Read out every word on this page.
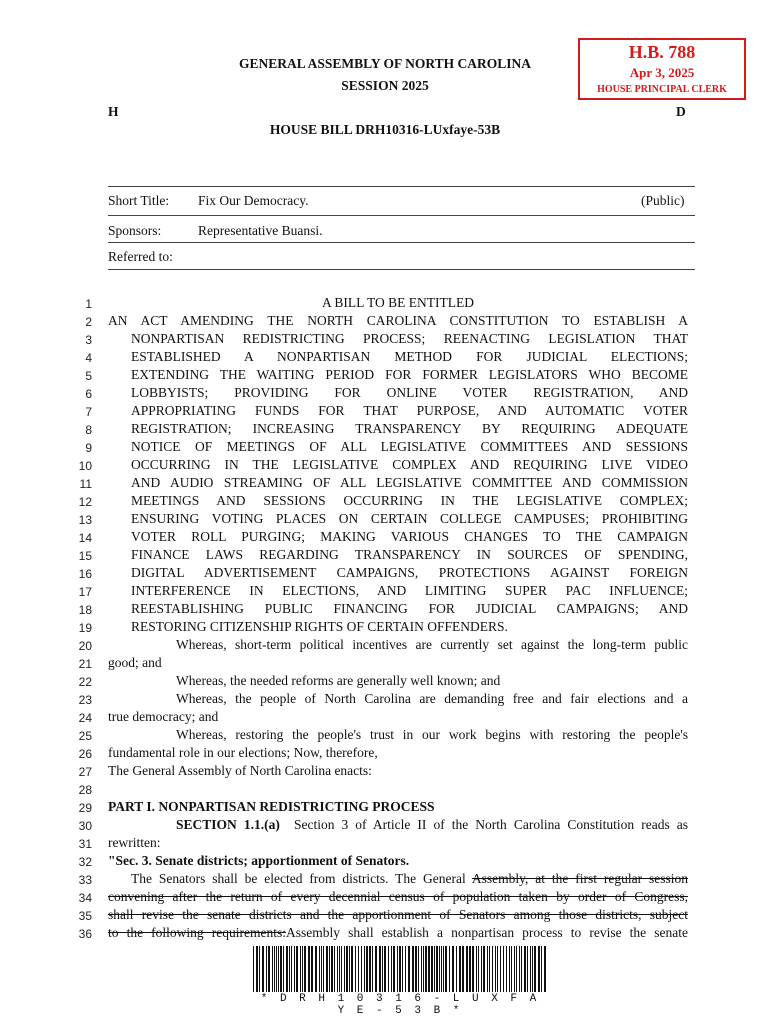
GENERAL ASSEMBLY OF NORTH CAROLINA
SESSION 2025
H	D
HOUSE BILL DRH10316-LUxfaye-53B
H.B. 788
Apr 3, 2025
HOUSE PRINCIPAL CLERK
Short Title: Fix Our Democracy.	(Public)
Sponsors:	Representative Buansi.
Referred to:
1
2
3
4
5
6
7
8
9
10
11
12
13
14
15
16
17
18
19
20
21
22
23
24
25
26
27
28
29
30
31
32
33
34
35
36
A BILL TO BE ENTITLED
AN ACT AMENDING THE NORTH CAROLINA CONSTITUTION TO ESTABLISH A
NONPARTISAN REDISTRICTING PROCESS; REENACTING LEGISLATION THAT
ESTABLISHED A NONPARTISAN METHOD FOR JUDICIAL ELECTIONS;
EXTENDING THE WAITING PERIOD FOR FORMER LEGISLATORS WHO BECOME
LOBBYISTS; PROVIDING FOR ONLINE VOTER REGISTRATION, AND
APPROPRIATING FUNDS FOR THAT PURPOSE, AND AUTOMATIC VOTER
REGISTRATION; INCREASING TRANSPARENCY BY REQUIRING ADEQUATE
NOTICE OF MEETINGS OF ALL LEGISLATIVE COMMITTEES AND SESSIONS
OCCURRING IN THE LEGISLATIVE COMPLEX AND REQUIRING LIVE VIDEO
AND AUDIO STREAMING OF ALL LEGISLATIVE COMMITTEE AND COMMISSION
MEETINGS AND SESSIONS OCCURRING IN THE LEGISLATIVE COMPLEX;
ENSURING VOTING PLACES ON CERTAIN COLLEGE CAMPUSES; PROHIBITING
VOTER ROLL PURGING; MAKING VARIOUS CHANGES TO THE CAMPAIGN
FINANCE LAWS REGARDING TRANSPARENCY IN SOURCES OF SPENDING,
DIGITAL ADVERTISEMENT CAMPAIGNS, PROTECTIONS AGAINST FOREIGN
INTERFERENCE IN ELECTIONS, AND LIMITING SUPER PAC INFLUENCE;
REESTABLISHING PUBLIC FINANCING FOR JUDICIAL CAMPAIGNS; AND
RESTORING CITIZENSHIP RIGHTS OF CERTAIN OFFENDERS.
Whereas, short-term political incentives are currently set against the long-term public
good; and
Whereas, the needed reforms are generally well known; and
Whereas, the people of North Carolina are demanding free and fair elections and a
true democracy; and
Whereas, restoring the people's trust in our work begins with restoring the people's
fundamental role in our elections; Now, therefore,
The General Assembly of North Carolina enacts:
PART I. NONPARTISAN REDISTRICTING PROCESS
SECTION 1.1.(a) Section 3 of Article II of the North Carolina Constitution reads as
rewritten:
"Sec. 3. Senate districts; apportionment of Senators.
The Senators shall be elected from districts. The General Assembly, at the first regular session
convening after the return of every decennial census of population taken by order of Congress,
shall revise the senate districts and the apportionment of Senators among those districts, subject
to the following requirements:Assembly shall establish a nonpartisan process to revise the senate
* D R H 1 0 3 1 6 - L U X F A Y E - 5 3 B *
